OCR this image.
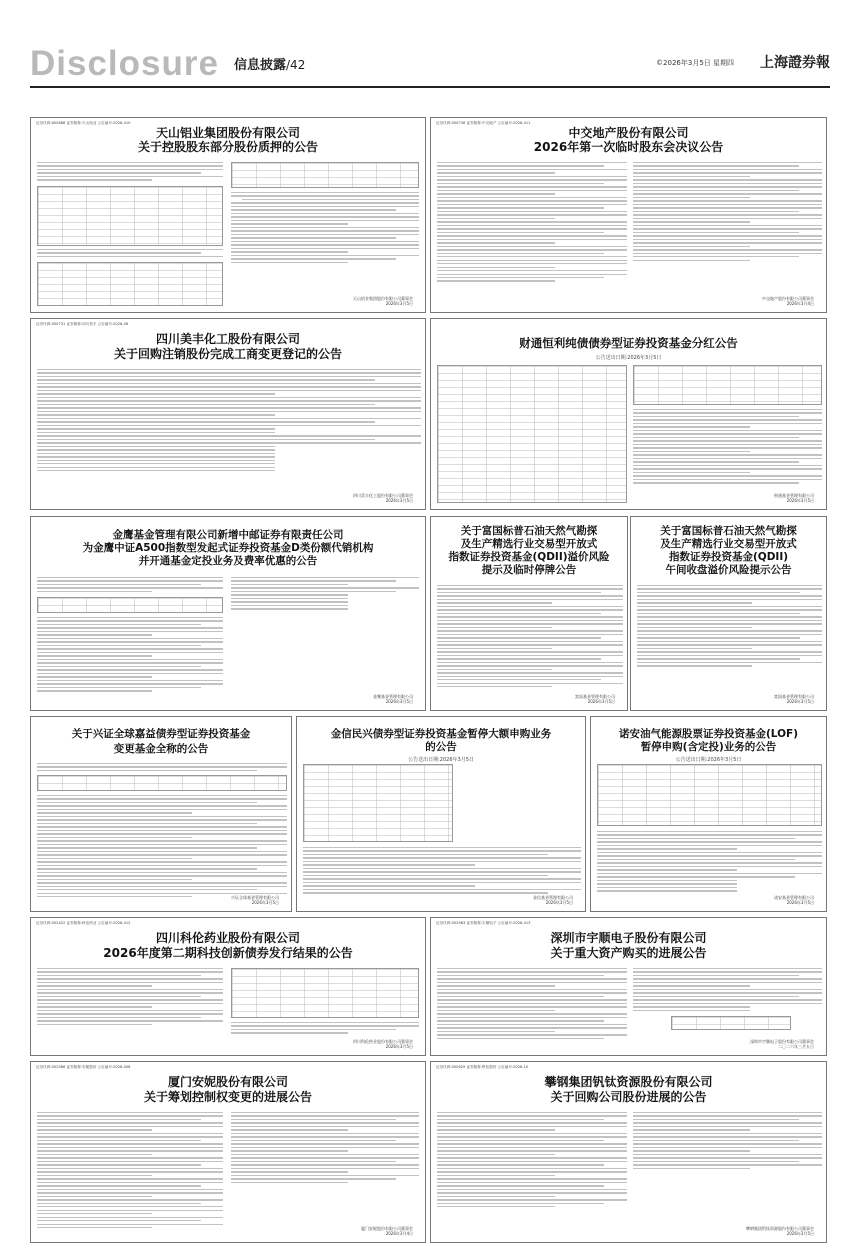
Disclosure 信息披露/42	©2026年3月5日 星期四 上海證券報
证券代码:600888 证券简称:天山铝业 公告编号:2026-010
天山铝业集团股份有限公司
关于控股股东部分股份质押的公告
天山铝业集团股份有限公司董事会
2026年3月5日
证券代码:000736 证券简称:中交地产 公告编号:2026-011
中交地产股份有限公司
2026年第一次临时股东会决议公告
中交地产股份有限公司董事会
2026年3月4日
证券代码:000731 证券简称:四川美丰 公告编号:2026-08
四川美丰化工股份有限公司
关于回购注销股份完成工商变更登记的公告
四川美丰化工股份有限公司董事会
2026年3月5日
财通恒利纯债债券型证券投资基金分红公告
公告送出日期:2026年3月5日
财通基金管理有限公司
2026年3月5日
金鹰基金管理有限公司新增中邮证券有限责任公司
为金鹰中证A500指数型发起式证券投资基金D类份额代销机构
并开通基金定投业务及费率优惠的公告
金鹰基金管理有限公司
2026年3月5日
关于富国标普石油天然气勘探
及生产精选行业交易型开放式
指数证券投资基金(QDII)溢价风险
提示及临时停牌公告
富国基金管理有限公司
2026年3月5日
关于富国标普石油天然气勘探
及生产精选行业交易型开放式
指数证券投资基金(QDII)
午间收盘溢价风险提示公告
富国基金管理有限公司
2026年3月5日
关于兴证全球嘉益债券型证券投资基金
变更基金全称的公告
兴证全球基金管理有限公司
2026年3月5日
金信民兴债券型证券投资基金暂停大额申购业务
的公告
公告送出日期:2026年3月5日
金信基金管理有限公司
2026年3月5日
诺安油气能源股票证券投资基金(LOF)
暂停申购(含定投)业务的公告
公告送出日期:2026年3月5日
诺安基金管理有限公司
2026年3月5日
证券代码:002422 证券简称:科伦药业 公告编号:2026-012
四川科伦药业股份有限公司
2026年度第二期科技创新债券发行结果的公告
四川科伦药业股份有限公司董事会
2026年3月5日
证券代码:002983 证券简称:宇顺电子 公告编号:2026-013
深圳市宇顺电子股份有限公司
关于重大资产购买的进展公告
深圳市宇顺电子股份有限公司董事会
二〇二六年三月五日
证券代码:002086 证券简称:安妮股份 公告编号:2026-008
厦门安妮股份有限公司
关于筹划控制权变更的进展公告
厦门安妮股份有限公司董事会
2026年3月4日
证券代码:000629 证券简称:钒钛股份 公告编号:2026-10
攀钢集团钒钛资源股份有限公司
关于回购公司股份进展的公告
攀钢集团钒钛资源股份有限公司董事会
2026年3月5日
